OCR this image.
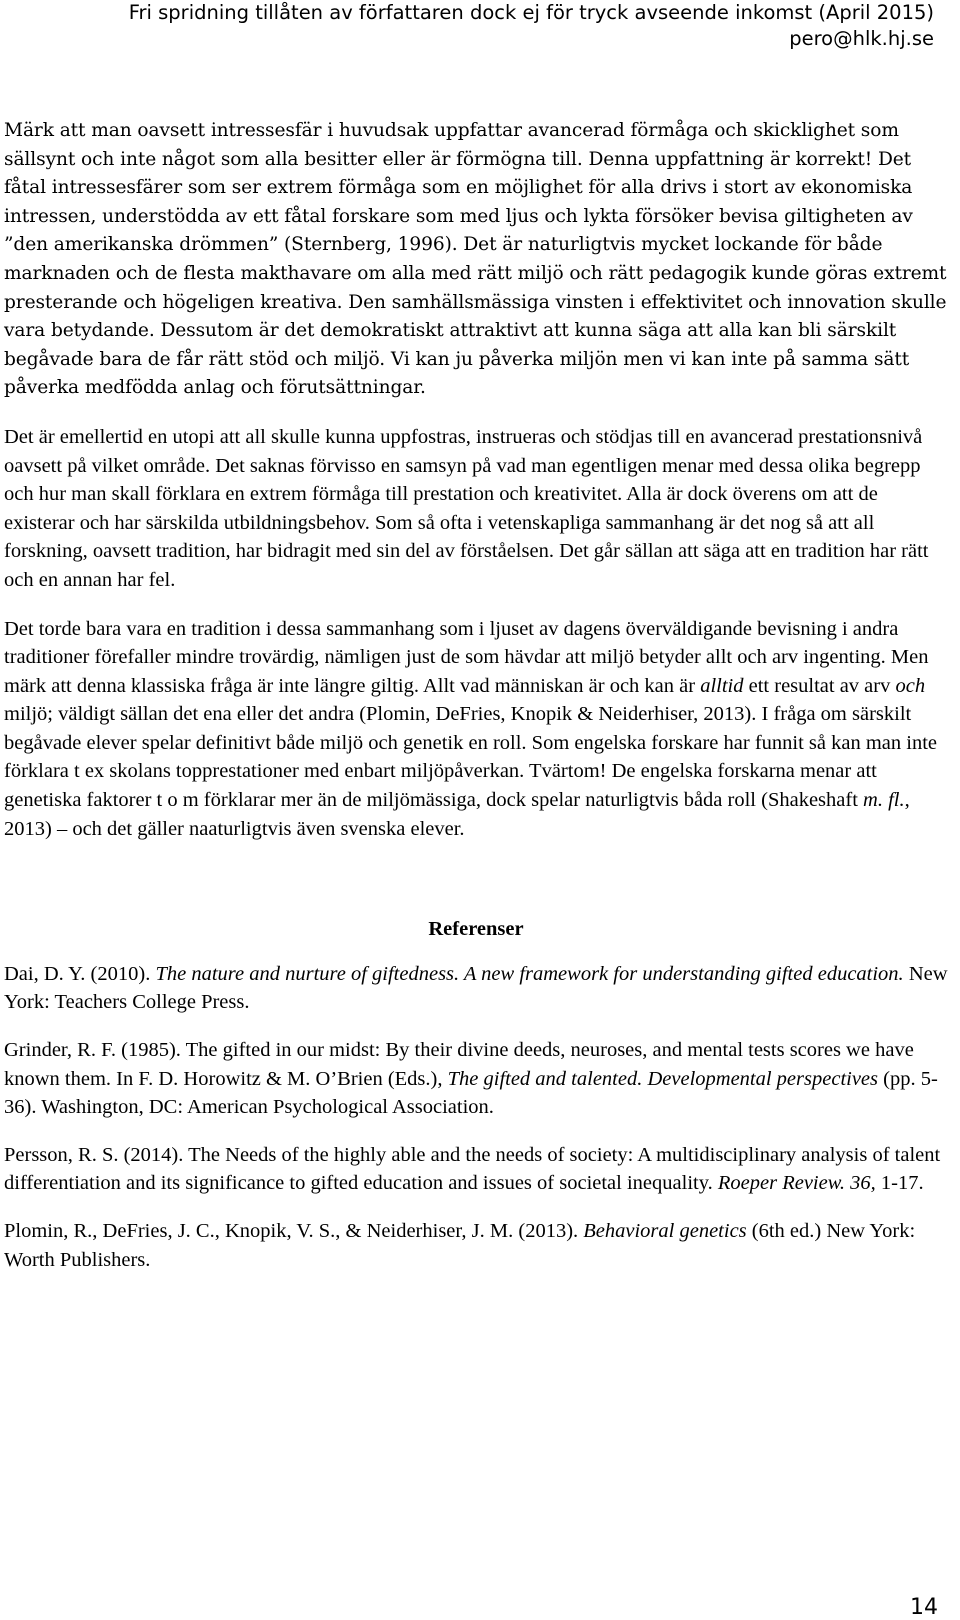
Fri spridning tillåten av författaren dock ej för tryck avseende inkomst (April 2015)
pero@hlk.hj.se

Märk att man oavsett intressesfär i huvudsak uppfattar avancerad förmåga och skicklighet som sällsynt och inte något som alla besitter eller är förmögna till. Denna uppfattning är korrekt! Det fåtal intressesfärer som ser extrem förmåga som en möjlighet för alla drivs i stort av ekonomiska intressen, understödda av ett fåtal forskare som med ljus och lykta försöker bevisa giltigheten av ”den amerikanska drömmen” (Sternberg, 1996). Det är naturligtvis mycket lockande för både marknaden och de flesta makthavare om alla med rätt miljö och rätt pedagogik kunde göras extremt presterande och högeligen kreativa. Den samhällsmässiga vinsten i effektivitet och innovation skulle vara betydande. Dessutom är det demokratiskt attraktivt att kunna säga att alla kan bli särskilt begåvade bara de får rätt stöd och miljö. Vi kan ju påverka miljön men vi kan inte på samma sätt påverka medfödda anlag och förutsättningar.

Det är emellertid en utopi att all skulle kunna uppfostras, instrueras och stödjas till en avancerad prestationsnivå oavsett på vilket område. Det saknas förvisso en samsyn på vad man egentligen menar med dessa olika begrepp och hur man skall förklara en extrem förmåga till prestation och kreativitet. Alla är dock överens om att de existerar och har särskilda utbildningsbehov. Som så ofta i vetenskapliga sammanhang är det nog så att all forskning, oavsett tradition, har bidragit med sin del av förståelsen. Det går sällan att säga att en tradition har rätt och en annan har fel.

Det torde bara vara en tradition i dessa sammanhang som i ljuset av dagens överväldigande bevisning i andra traditioner förefaller mindre trovärdig, nämligen just de som hävdar att miljö betyder allt och arv ingenting. Men märk att denna klassiska fråga är inte längre giltig. Allt vad människan är och kan är alltid ett resultat av arv och miljö; väldigt sällan det ena eller det andra (Plomin, DeFries, Knopik & Neiderhiser, 2013). I fråga om särskilt begåvade elever spelar definitivt både miljö och genetik en roll. Som engelska forskare har funnit så kan man inte förklara t ex skolans topprestationer med enbart miljöpåverkan. Tvärtom! De engelska forskarna menar att genetiska faktorer t o m förklarar mer än de miljömässiga, dock spelar naturligtvis båda roll (Shakeshaft m. fl., 2013) – och det gäller naaturligtvis även svenska elever.

Referenser

Dai, D. Y. (2010). The nature and nurture of giftedness. A new framework for understanding gifted education. New York: Teachers College Press.

Grinder, R. F. (1985). The gifted in our midst: By their divine deeds, neuroses, and mental tests scores we have known them. In F. D. Horowitz & M. O’Brien (Eds.), The gifted and talented. Developmental perspectives (pp. 5-36). Washington, DC: American Psychological Association.

Persson, R. S. (2014). The Needs of the highly able and the needs of society: A multidisciplinary analysis of talent differentiation and its significance to gifted education and issues of societal inequality. Roeper Review. 36, 1-17.

Plomin, R., DeFries, J. C., Knopik, V. S., & Neiderhiser, J. M. (2013). Behavioral genetics (6th ed.) New York: Worth Publishers.

14
